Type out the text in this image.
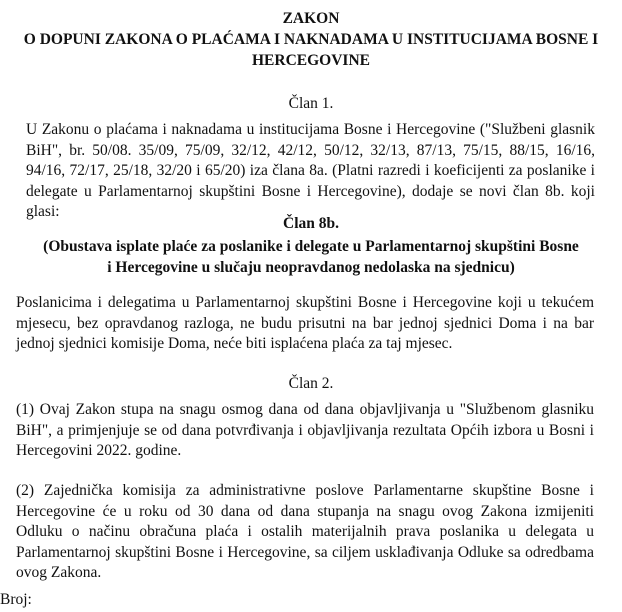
ZAKON

O DOPUNI ZAKONA O PLAĆAMA I NAKNADAMA U INSTITUCIJAMA BOSNE I

HERCEGOVINE

Član 1.

U Zakonu o plaćama i naknadama u institucijama Bosne i Hercegovine ("Službeni glasnik BiH", br. 50/08. 35/09, 75/09, 32/12, 42/12, 50/12, 32/13, 87/13, 75/15, 88/15, 16/16, 94/16, 72/17, 25/18, 32/20 i 65/20) iza člana 8a. (Platni razredi i koeficijenti za poslanike i delegate u Parlamentarnoj skupštini Bosne i Hercegovine), dodaje se novi član 8b. koji glasi:

Član 8b.

(Obustava isplate plaće za poslanike i delegate u Parlamentarnoj skupštini Bosne i Hercegovine u slučaju neopravdanog nedolaska na sjednicu)

Poslanicima i delegatima u Parlamentarnoj skupštini Bosne i Hercegovine koji u tekućem mjesecu, bez opravdanog razloga, ne budu prisutni na bar jednoj sjednici Doma i na bar jednoj sjednici komisije Doma, neće biti isplaćena plaća za taj mjesec.

Član 2.

(1) Ovaj Zakon stupa na snagu osmog dana od dana objavljivanja u "Službenom glasniku BiH", a primjenjuje se od dana potvrđivanja i objavljivanja rezultata Općih izbora u Bosni i Hercegovini 2022. godine.

(2) Zajednička komisija za administrativne poslove Parlamentarne skupštine Bosne i Hercegovine će u roku od 30 dana od dana stupanja na snagu ovog Zakona izmijeniti Odluku o načinu obračuna plaća i ostalih materijalnih prava poslanika u delegata u Parlamentarnoj skupštini Bosne i Hercegovine, sa ciljem usklađivanja Odluke sa odredbama ovog Zakona.

Broj:
